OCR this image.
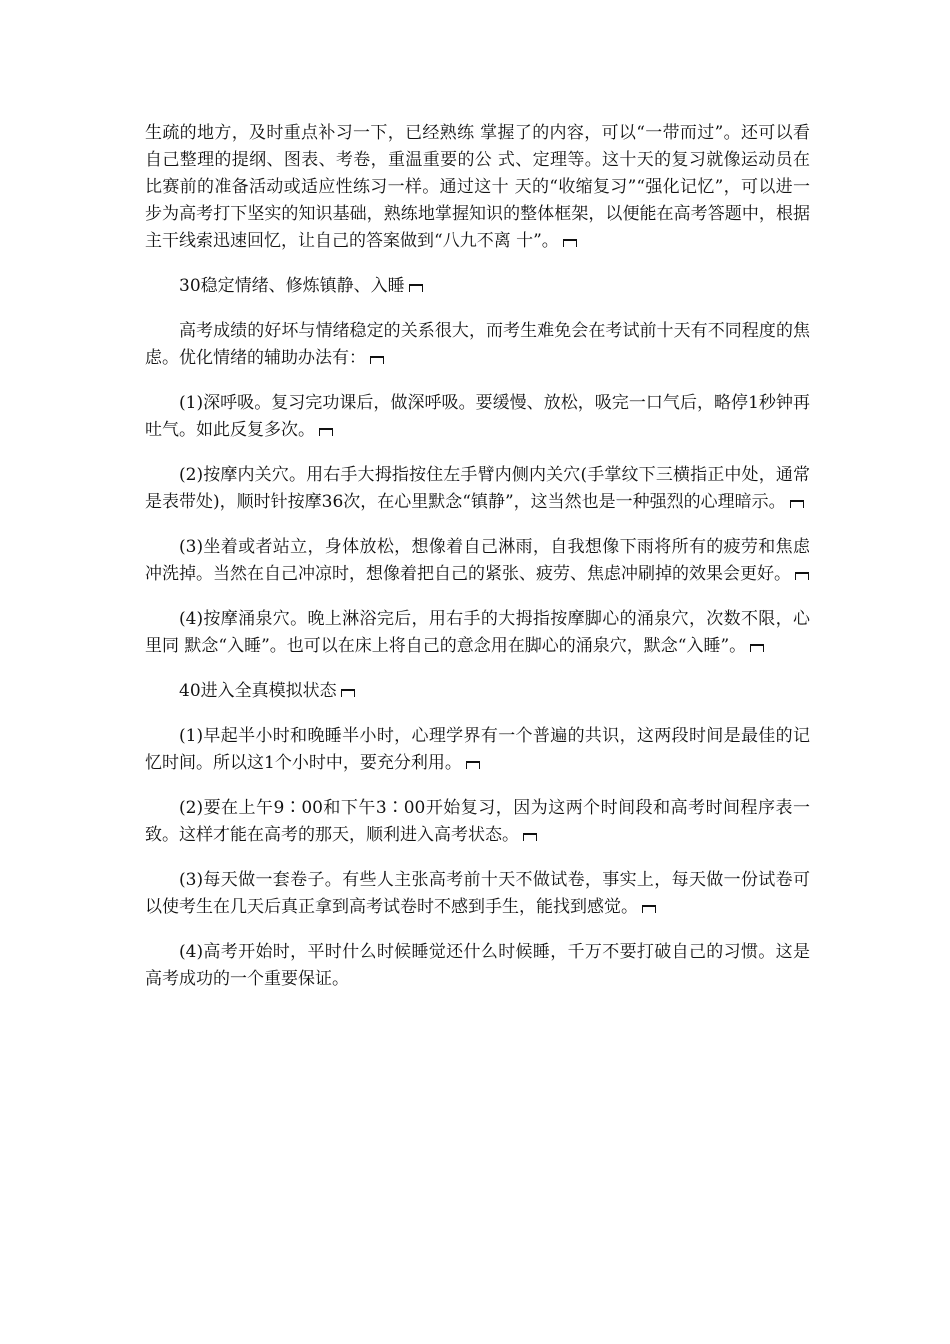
生疏的地方，及时重点补习一下，已经熟练 掌握了的内容，可以“一带而过”。还可以看自己整理的提纲、图表、考卷，重温重要的公 式、定理等。这十天的复习就像运动员在比赛前的准备活动或适应性练习一样。通过这十 天的“收缩复习”“强化记忆”，可以进一步为高考打下坚实的知识基础，熟练地掌握知识的整体框架，以便能在高考答题中，根据主干线索迅速回忆，让自己的答案做到“八九不离 十”。

30稳定情绪、修炼镇静、入睡

高考成绩的好坏与情绪稳定的关系很大，而考生难免会在考试前十天有不同程度的焦虑。优化情绪的辅助办法有：

(1)深呼吸。复习完功课后，做深呼吸。要缓慢、放松，吸完一口气后，略停1秒钟再吐气。如此反复多次。

(2)按摩内关穴。用右手大拇指按住左手臂内侧内关穴(手掌纹下三横指正中处，通常是表带处)，顺时针按摩36次，在心里默念“镇静”，这当然也是一种强烈的心理暗示。

(3)坐着或者站立，身体放松，想像着自己淋雨，自我想像下雨将所有的疲劳和焦虑冲洗掉。当然在自己冲凉时，想像着把自己的紧张、疲劳、焦虑冲刷掉的效果会更好。

(4)按摩涌泉穴。晚上淋浴完后，用右手的大拇指按摩脚心的涌泉穴，次数不限，心里同 默念“入睡”。也可以在床上将自己的意念用在脚心的涌泉穴，默念“入睡”。

40进入全真模拟状态

(1)早起半小时和晚睡半小时，心理学界有一个普遍的共识，这两段时间是最佳的记忆时间。所以这1个小时中，要充分利用。

(2)要在上午9∶00和下午3∶00开始复习，因为这两个时间段和高考时间程序表一致。这样才能在高考的那天，顺利进入高考状态。

(3)每天做一套卷子。有些人主张高考前十天不做试卷，事实上，每天做一份试卷可以使考生在几天后真正拿到高考试卷时不感到手生，能找到感觉。

(4)高考开始时，平时什么时候睡觉还什么时候睡，千万不要打破自己的习惯。这是高考成功的一个重要保证。
